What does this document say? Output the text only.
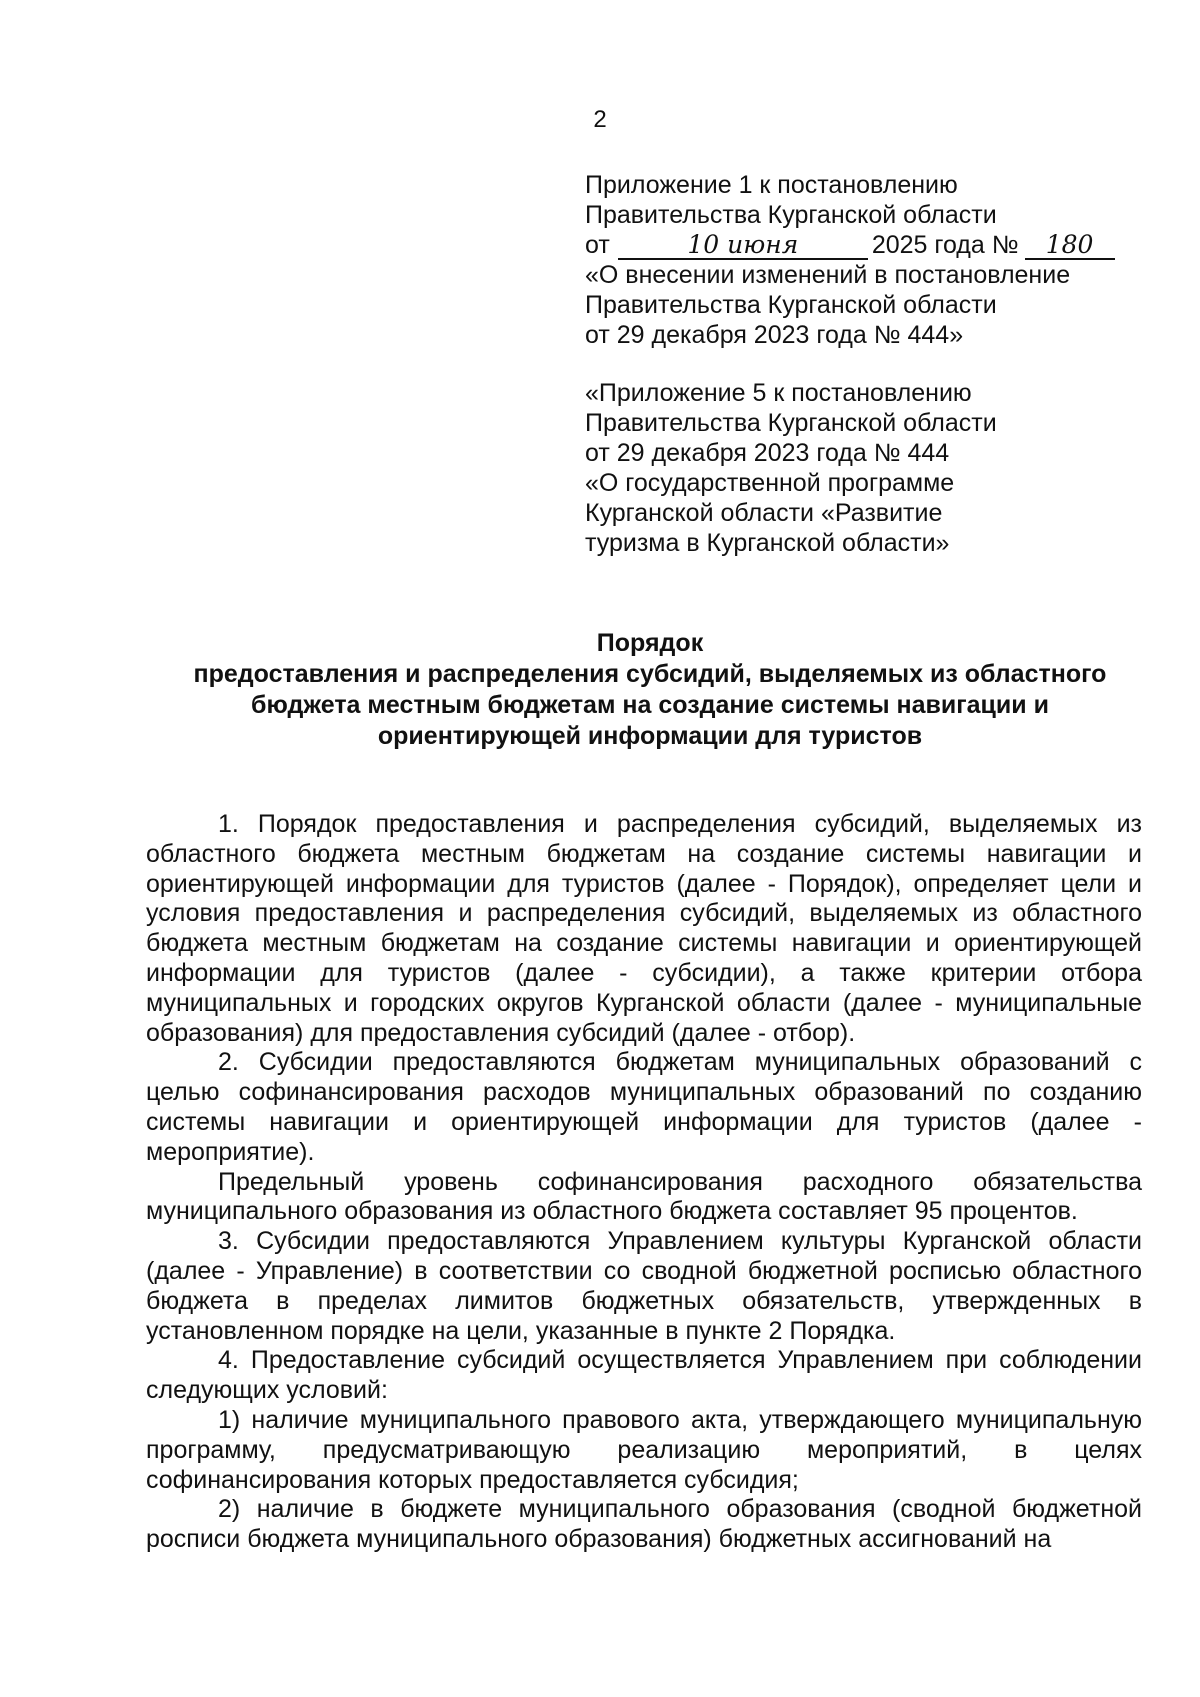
2
Приложение 1 к постановлению
Правительства Курганской области
от	10 июня	2025 года № 180
«О внесении изменений в постановление
Правительства Курганской области
от 29 декабря 2023 года № 444»
«Приложение 5 к постановлению
Правительства Курганской области
от 29 декабря 2023 года № 444
«О государственной программе
Курганской области «Развитие
туризма в Курганской области»
Порядок
предоставления и распределения субсидий, выделяемых из областного
бюджета местным бюджетам на создание системы навигации и
ориентирующей информации для туристов

1. Порядок предоставления и распределения субсидий, выделяемых из областного бюджета местным бюджетам на создание системы навигации и ориентирующей информации для туристов (далее - Порядок), определяет цели и условия предоставления и распределения субсидий, выделяемых из областного бюджета местным бюджетам на создание системы навигации и ориентирующей информации для туристов (далее - субсидии), а также критерии отбора муниципальных и городских округов Курганской области (далее - муниципальные образования) для предоставления субсидий (далее - отбор).

2. Субсидии предоставляются бюджетам муниципальных образований с целью софинансирования расходов муниципальных образований по созданию системы навигации и ориентирующей информации для туристов (далее - мероприятие).

Предельный уровень софинансирования расходного обязательства муниципального образования из областного бюджета составляет 95 процентов.

3. Субсидии предоставляются Управлением культуры Курганской области (далее - Управление) в соответствии со сводной бюджетной росписью областного бюджета в пределах лимитов бюджетных обязательств, утвержденных в установленном порядке на цели, указанные в пункте 2 Порядка.

4. Предоставление субсидий осуществляется Управлением при соблюдении следующих условий:

1) наличие муниципального правового акта, утверждающего муниципальную программу, предусматривающую реализацию мероприятий, в целях софинансирования которых предоставляется субсидия;

2) наличие в бюджете муниципального образования (сводной бюджетной росписи бюджета муниципального образования) бюджетных ассигнований на
